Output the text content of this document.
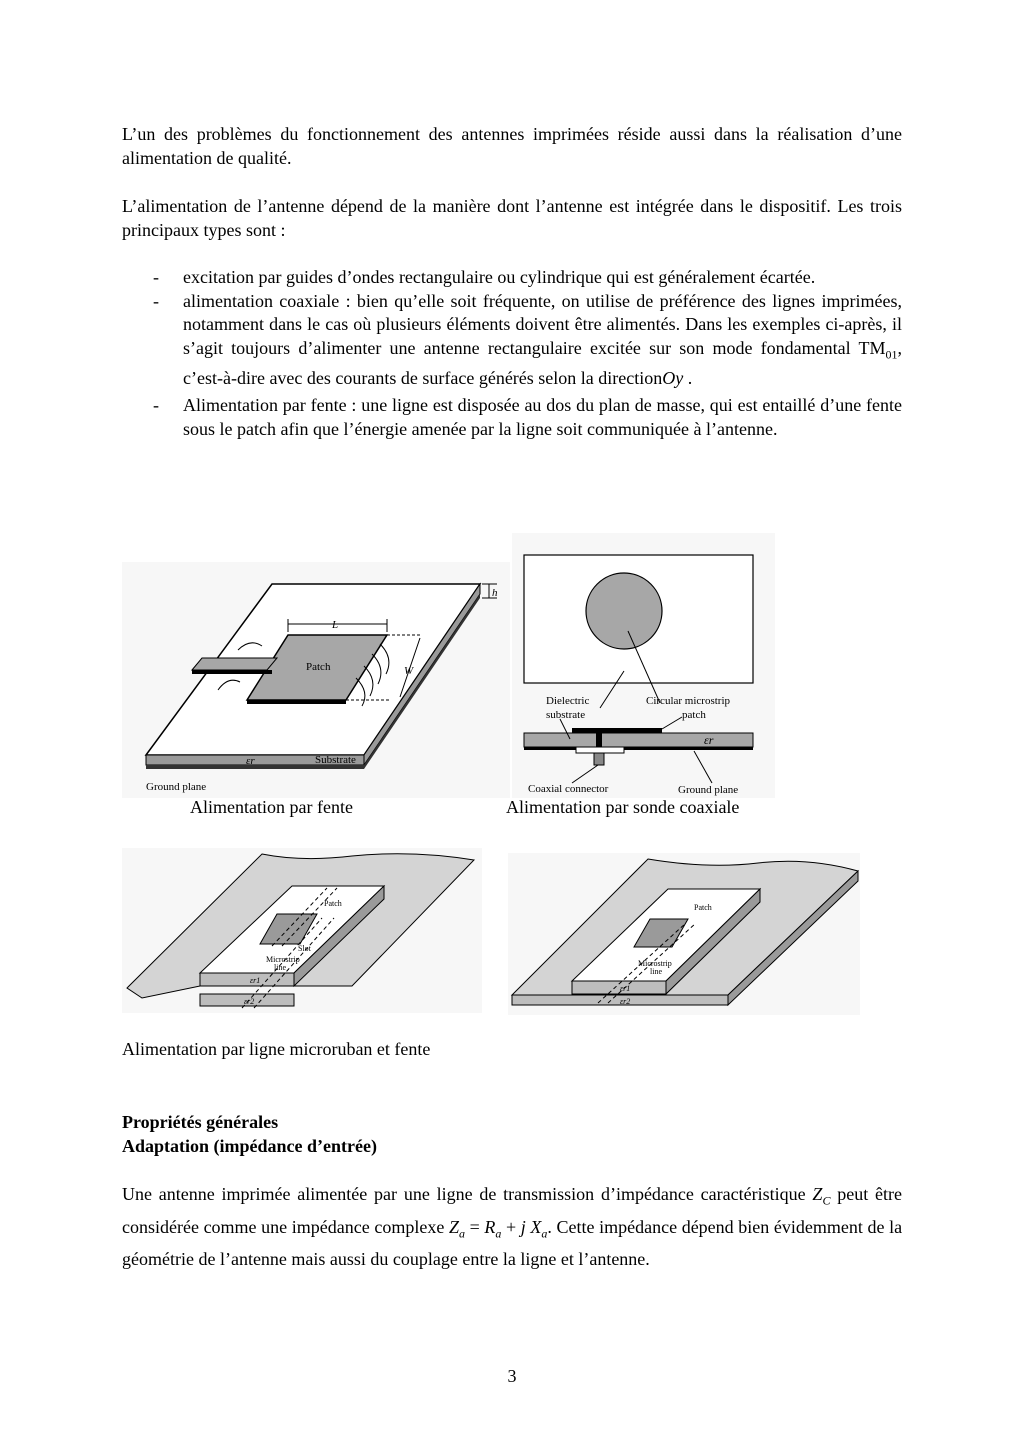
L’un des problèmes du fonctionnement des antennes imprimées réside aussi dans la réalisation d’une alimentation de qualité.

L’alimentation de l’antenne dépend de la manière dont l’antenne est intégrée dans le dispositif. Les trois principaux types sont :

- excitation par guides d’ondes rectangulaire ou cylindrique qui est généralement écartée.
- alimentation coaxiale : bien qu’elle soit fréquente, on utilise de préférence des lignes imprimées, notamment dans le cas où plusieurs éléments doivent être alimentés. Dans les exemples ci-après, il s’agit toujours d’alimenter une antenne rectangulaire excitée sur son mode fondamental $TM_{01}$, c’est-à-dire avec des courants de surface générés selon la directionOy .
- Alimentation par fente : une ligne est disposée au dos du plan de masse, qui est entaillé d’une fente sous le patch afin que l’énergie amenée par la ligne soit communiquée à l’antenne.
h
L
W
Patch
εr	Substrate
Ground plane
Alimentation par fente
Dielectric
substrate
Circular microstrip
patch
εr
Coaxial connector	Ground plane
Alimentation par sonde coaxiale
Patch
Slot
Microstrip
line
εr1
εr2
Patch
Microstrip
line
εr1
εr2
Alimentation par ligne microruban et fente
Propriétés générales
Adaptation (impédance d’entrée)

Une antenne imprimée alimentée par une ligne de transmission d’impédance caractéristique $Z_C$ peut être considérée comme une impédance complexe $Z_a = R_a + j$ $X_a$. Cette impédance dépend bien évidemment de la géométrie de l’antenne mais aussi du couplage entre la ligne et l’antenne.

3
